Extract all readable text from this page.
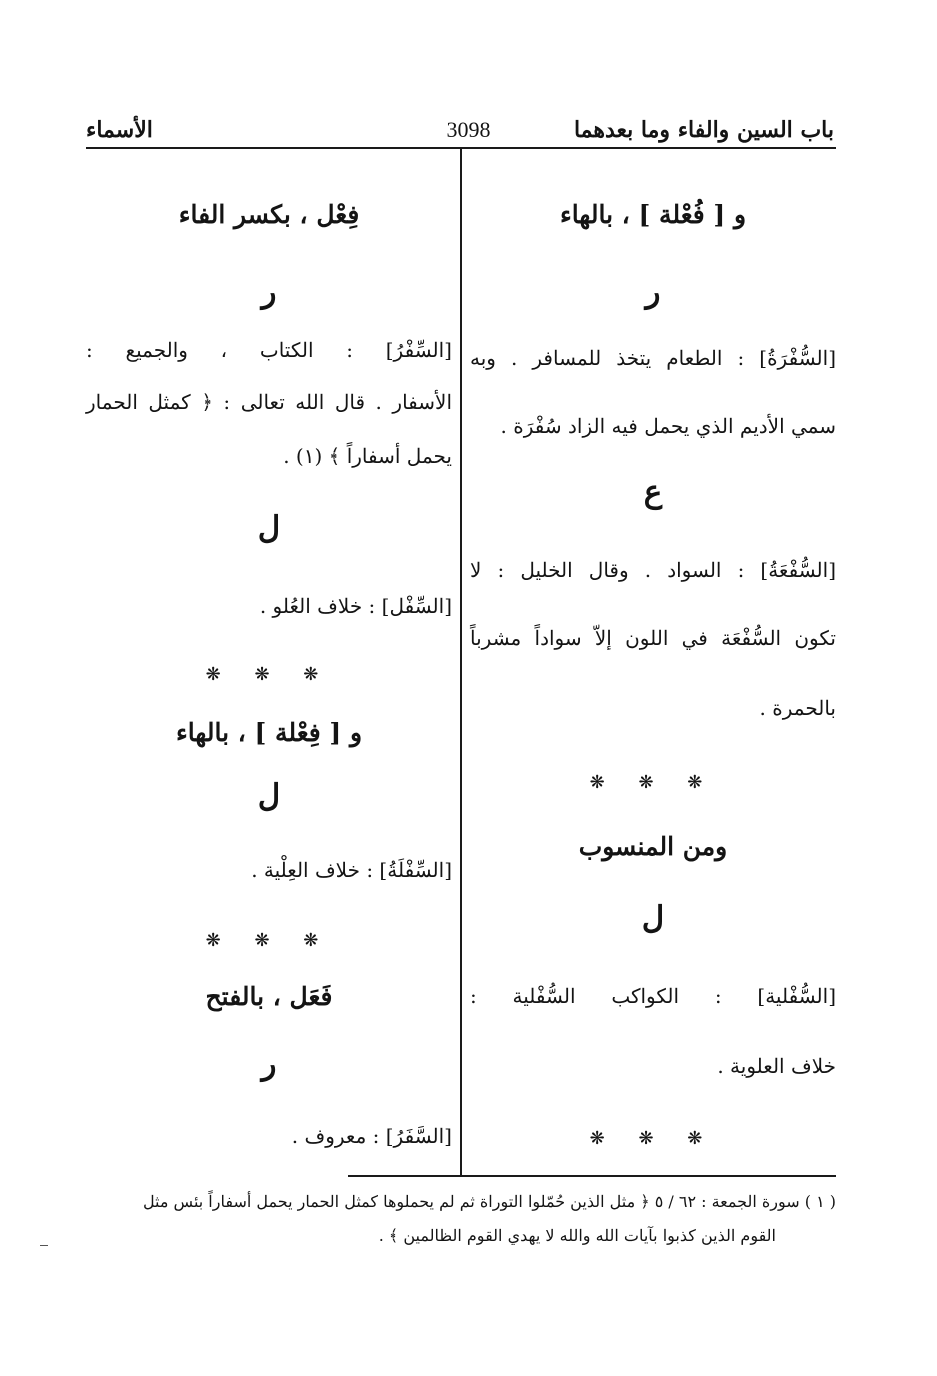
باب السين والفاء وما بعدهما
3098
الأسماء
و [ فُعْلة ] ، بالهاء
ر
[السُّفْرَةُ] : الطعام يتخذ للمسافر . وبه
سمي الأديم الذي يحمل فيه الزاد سُفْرَة .
ع
[السُّفْعَةُ] : السواد . وقال الخليل : لا
تكون السُّفْعَة في اللون إلاّ سواداً مشرباً
بالحمرة .
❋ ❋ ❋
ومن المنسوب
ل
[السُّفْلية] : الكواكب السُّفْلية :
خلاف العلوية .
❋ ❋ ❋
فِعْل ، بكسر الفاء
ر
[السِّفْرُ] : الكتاب ، والجميع :
الأسفار . قال الله تعالى : ﴿ كمثل الحمار
يحمل أسفاراً ﴾ (١) .
ل
[السِّفْل] : خلاف العُلو .
❋ ❋ ❋
و [ فِعْلة ] ، بالهاء
ل
[السِّفْلَةُ] : خلاف العِلْية .
❋ ❋ ❋
فَعَل ، بالفتح
ر
[السَّفَرُ] : معروف .
( ١ ) سورة الجمعة : ٦٢ / ٥ ﴿ مثل الذين حُمّلوا التوراة ثم لم يحملوها كمثل الحمار يحمل أسفاراً بئس مثل
القوم الذين كذبوا بآيات الله والله لا يهدي القوم الظالمين ﴾ .
